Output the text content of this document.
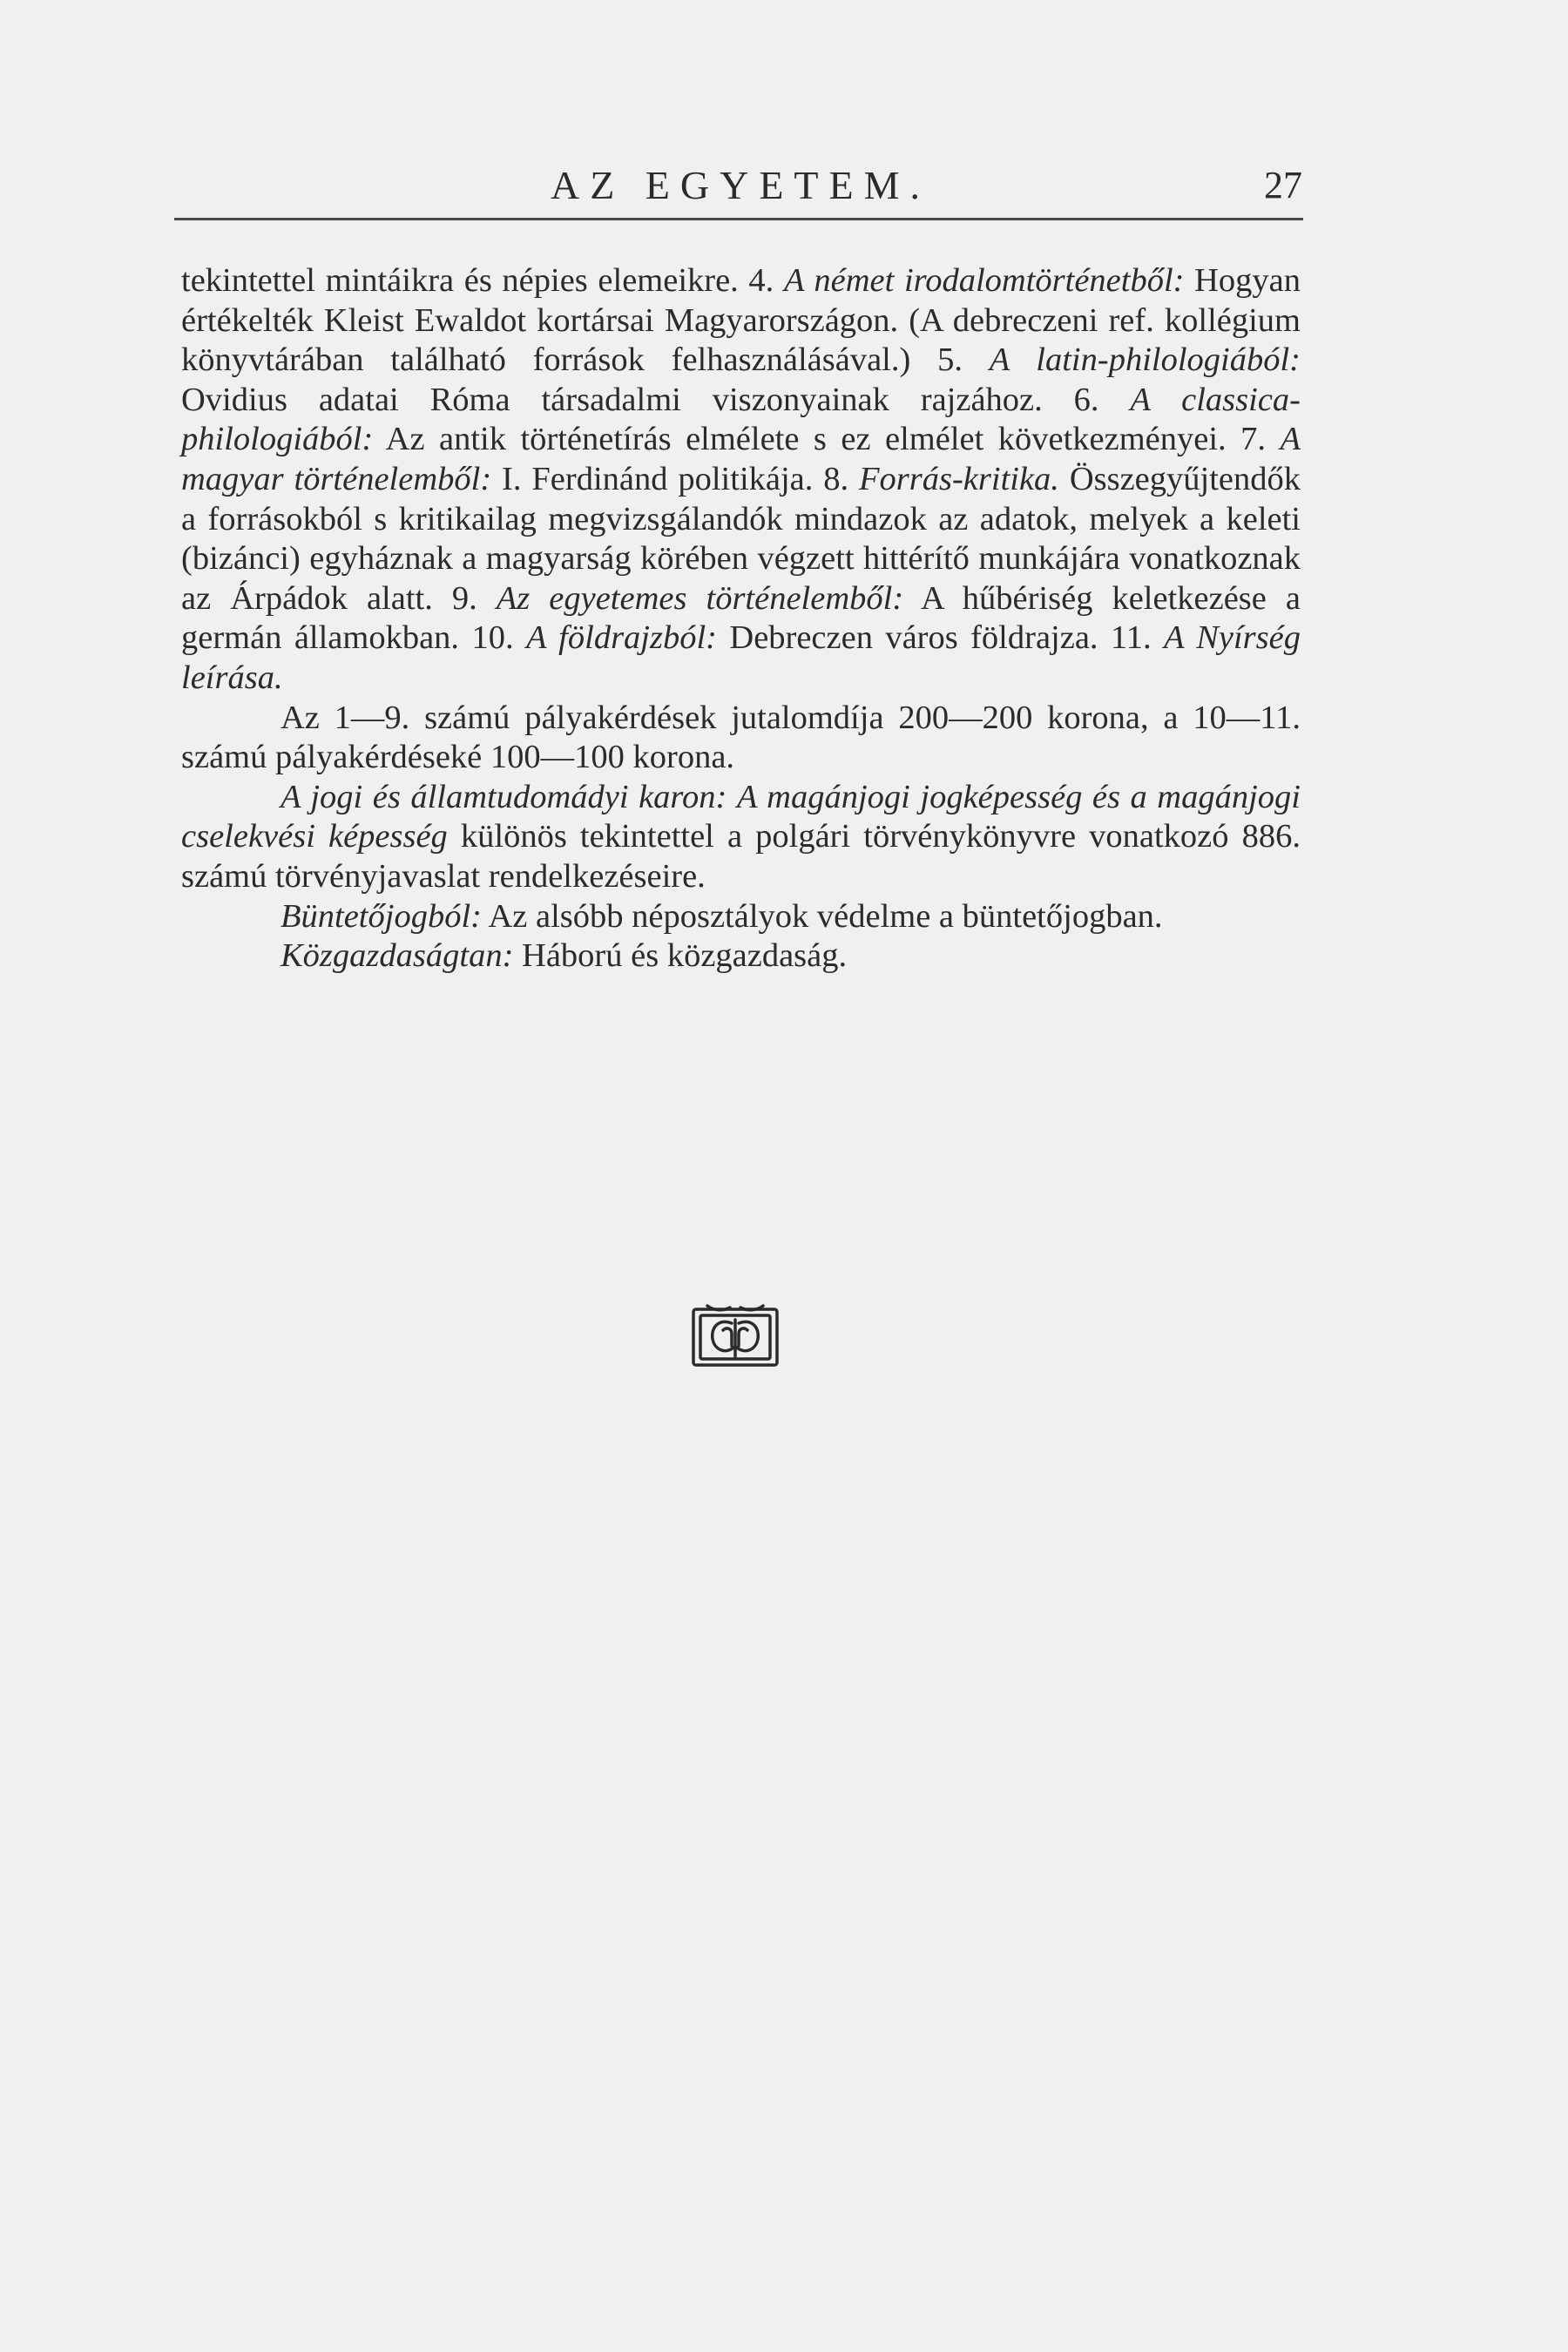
AZ EGYETEM.	27

tekintettel mintáikra és népies elemeikre. 4. A német irodalomtörténetből: Hogyan értékelték Kleist Ewaldot kortársai Magyarországon. (A debreczeni ref. kollégium könyvtárában található források felhasználásával.) 5. A latin-philologiából: Ovidius adatai Róma társadalmi viszonyainak rajzához. 6. A classica-philologiából: Az antik történetírás elmélete s ez elmélet következményei. 7. A magyar történelemből: I. Ferdinánd politikája. 8. Forrás-kritika. Összegyűjtendők a forrásokból s kritikailag megvizsgálandók mindazok az adatok, melyek a keleti (bizánci) egyháznak a magyarság körében végzett hittérítő munkájára vonatkoznak az Árpádok alatt. 9. Az egyetemes történelemből: A hűbériség keletkezése a germán államokban. 10. A földrajzból: Debreczen város földrajza. 11. A Nyírség leírása.

Az 1—9. számú pályakérdések jutalomdíja 200—200 korona, a 10—11. számú pályakérdéseké 100—100 korona.

A jogi és államtudomádyi karon: A magánjogi jogképesség és a magánjogi cselekvési képesség különös tekintettel a polgári törvénykönyvre vonatkozó 886. számú törvényjavaslat rendelkezéseire.

Büntetőjogból: Az alsóbb néposztályok védelme a büntetőjogban.

Közgazdaságtan: Háború és közgazdaság.
